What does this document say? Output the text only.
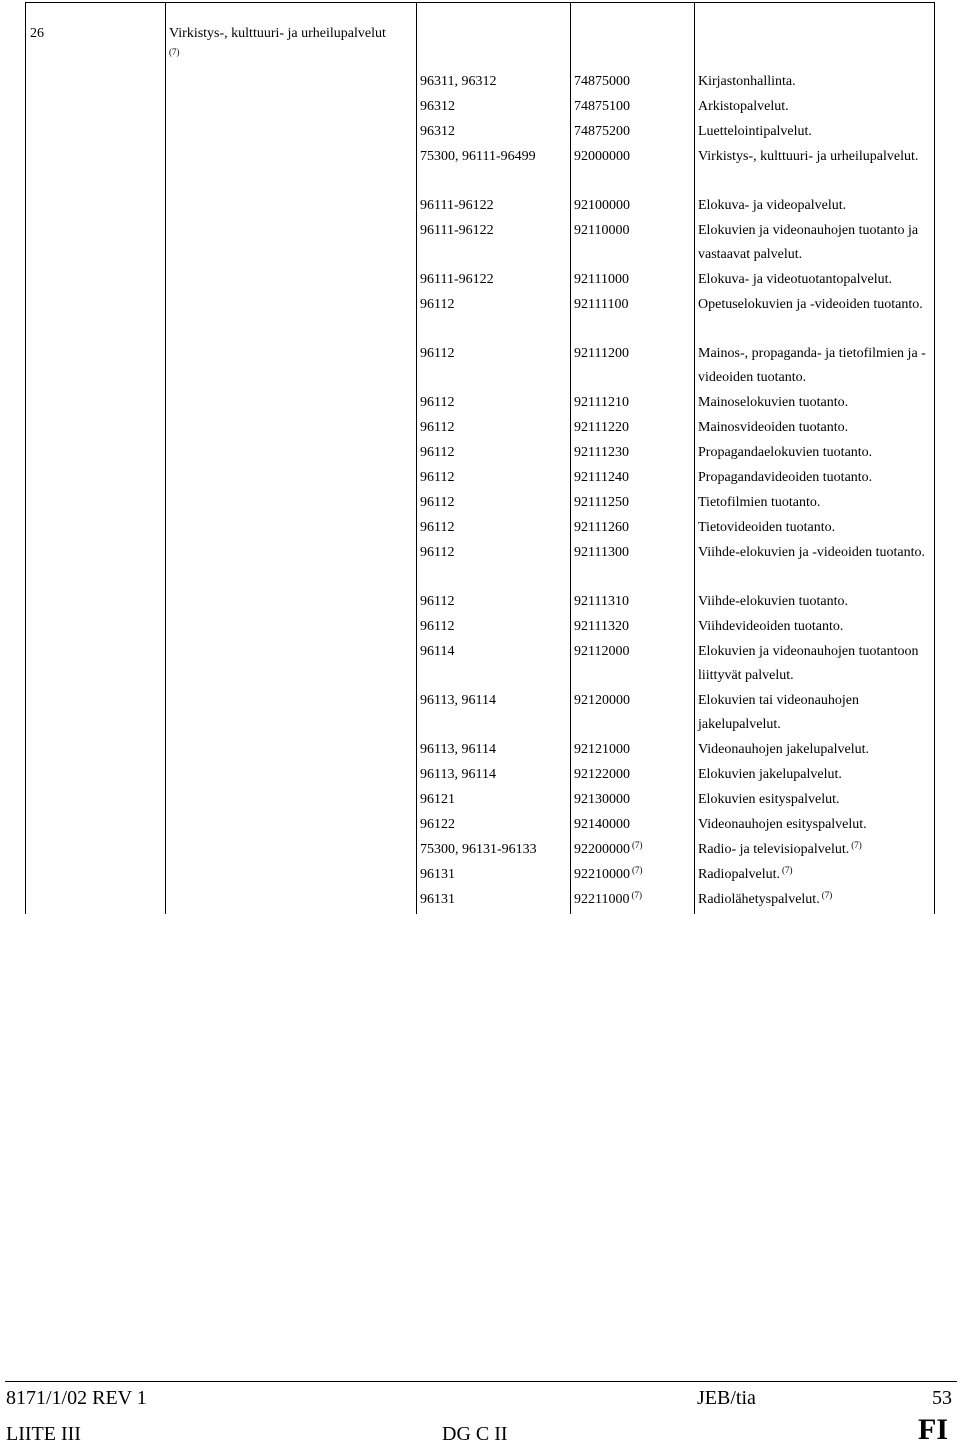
26	Virkistys-, kulttuuri- ja urheilupalvelut
(7)
96311, 96312	74875000	Kirjastonhallinta.
96312	74875100	Arkistopalvelut.
96312	74875200	Luettelointipalvelut.
75300, 96111-96499	92000000	Virkistys-, kulttuuri- ja urheilupalvelut.
96111-96122	92100000	Elokuva- ja videopalvelut.
96111-96122	92110000	Elokuvien ja videonauhojen tuotanto ja vastaavat palvelut.
96111-96122	92111000	Elokuva- ja videotuotantopalvelut.
96112	92111100	Opetuselokuvien ja -videoiden tuotanto.
96112	92111200	Mainos-, propaganda- ja tietofilmien ja -videoiden tuotanto.
96112	92111210	Mainoselokuvien tuotanto.
96112	92111220	Mainosvideoiden tuotanto.
96112	92111230	Propagandaelokuvien tuotanto.
96112	92111240	Propagandavideoiden tuotanto.
96112	92111250	Tietofilmien tuotanto.
96112	92111260	Tietovideoiden tuotanto.
96112	92111300	Viihde-elokuvien ja -videoiden tuotanto.
96112	92111310	Viihde-elokuvien tuotanto.
96112	92111320	Viihdevideoiden tuotanto.
96114	92112000	Elokuvien ja videonauhojen tuotantoon liittyvät palvelut.
96113, 96114	92120000	Elokuvien tai videonauhojen jakelupalvelut.
96113, 96114	92121000	Videonauhojen jakelupalvelut.
96113, 96114	92122000	Elokuvien jakelupalvelut.
96121	92130000	Elokuvien esityspalvelut.
96122	92140000	Videonauhojen esityspalvelut.
75300, 96131-96133	92200000 $^{(7)}$	Radio- ja televisiopalvelut. $^{(7)}$
96131	92210000 $^{(7)}$	Radiopalvelut. $^{(7)}$
96131	92211000 $^{(7)}$	Radiolähetyspalvelut. $^{(7)}$
8171/1/02 REV 1	JEB/tia	53
LIITE III	DG C II	FI
